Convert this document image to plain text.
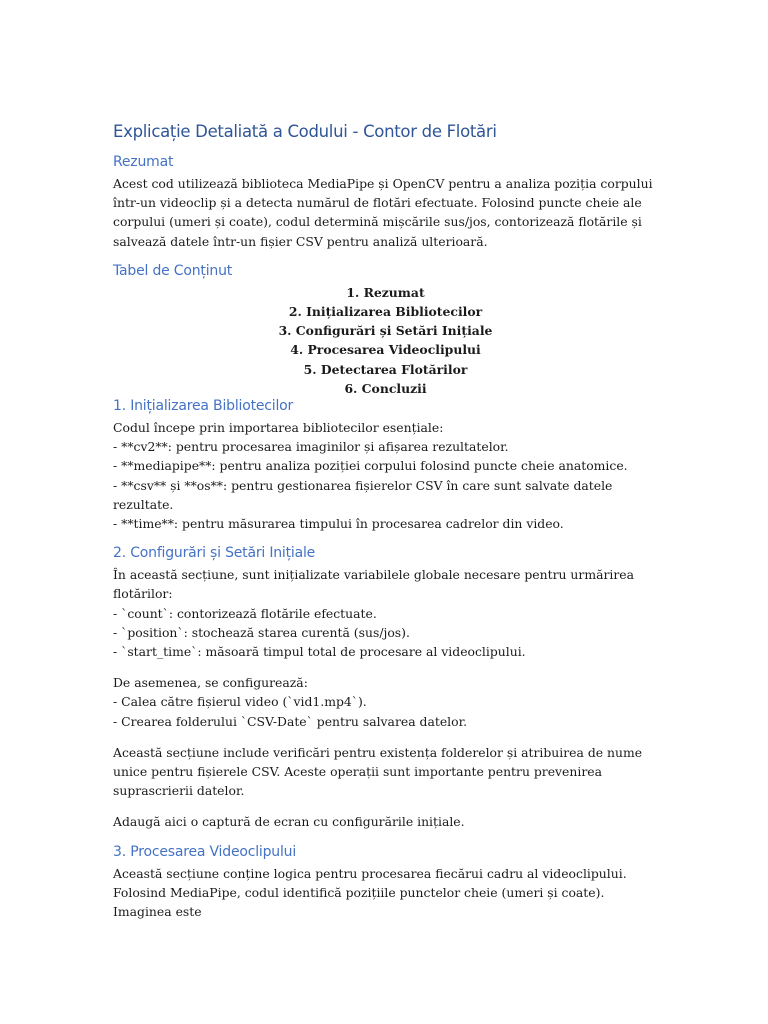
Explicație Detaliată a Codului - Contor de Flotări
Rezumat

Acest cod utilizează biblioteca MediaPipe și OpenCV pentru a analiza poziția corpului într-un videoclip și a detecta numărul de flotări efectuate. Folosind puncte cheie ale corpului (umeri și coate), codul determină mișcările sus/jos, contorizează flotările și salvează datele într-un fișier CSV pentru analiză ulterioară.

Tabel de Conținut
1. Rezumat
2. Inițializarea Bibliotecilor
3. Configurări și Setări Inițiale
4. Procesarea Videoclipului
5. Detectarea Flotărilor
6. Concluzii
1. Inițializarea Bibliotecilor

Codul începe prin importarea bibliotecilor esențiale:

- **cv2**: pentru procesarea imaginilor și afișarea rezultatelor.

- **mediapipe**: pentru analiza poziției corpului folosind puncte cheie anatomice.

- **csv** și **os**: pentru gestionarea fișierelor CSV în care sunt salvate datele rezultate.

- **time**: pentru măsurarea timpului în procesarea cadrelor din video.

2. Configurări și Setări Inițiale

În această secțiune, sunt inițializate variabilele globale necesare pentru urmărirea flotărilor:

- `count`: contorizează flotările efectuate.

- `position`: stochează starea curentă (sus/jos).

- `start_time`: măsoară timpul total de procesare al videoclipului.

De asemenea, se configurează:

- Calea către fișierul video (`vid1.mp4`).

- Crearea folderului `CSV-Date` pentru salvarea datelor.

Această secțiune include verificări pentru existența folderelor și atribuirea de nume unice pentru fișierele CSV. Aceste operații sunt importante pentru prevenirea suprascrierii datelor.

Adaugă aici o captură de ecran cu configurările inițiale.

3. Procesarea Videoclipului

Această secțiune conține logica pentru procesarea fiecărui cadru al videoclipului. Folosind MediaPipe, codul identifică pozițiile punctelor cheie (umeri și coate). Imaginea este
